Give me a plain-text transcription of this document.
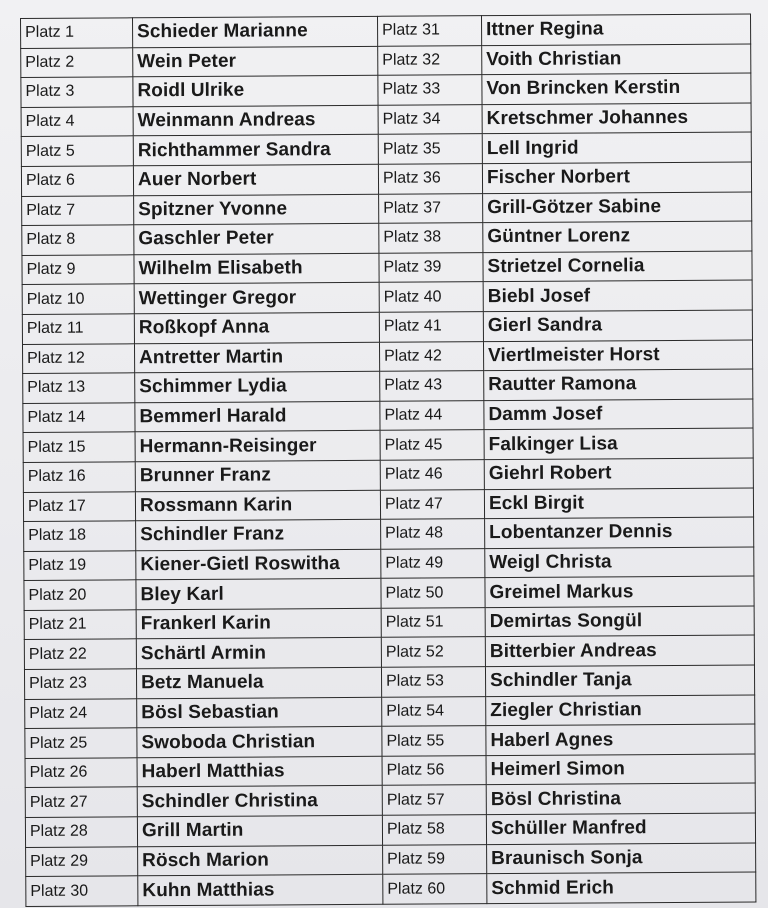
Platz 1	Schieder Marianne	Platz 31	Ittner Regina
Platz 2	Wein Peter	Platz 32	Voith Christian
Platz 3	Roidl Ulrike	Platz 33	Von Brincken Kerstin
Platz 4	Weinmann Andreas	Platz 34	Kretschmer Johannes
Platz 5	Richthammer Sandra	Platz 35	Lell Ingrid
Platz 6	Auer Norbert	Platz 36	Fischer Norbert
Platz 7	Spitzner Yvonne	Platz 37	Grill-Götzer Sabine
Platz 8	Gaschler Peter	Platz 38	Güntner Lorenz
Platz 9	Wilhelm Elisabeth	Platz 39	Strietzel Cornelia
Platz 10	Wettinger Gregor	Platz 40	Biebl Josef
Platz 11	Roßkopf Anna	Platz 41	Gierl Sandra
Platz 12	Antretter Martin	Platz 42	Viertlmeister Horst
Platz 13	Schimmer Lydia	Platz 43	Rautter Ramona
Platz 14	Bemmerl Harald	Platz 44	Damm Josef
Platz 15	Hermann-Reisinger	Platz 45	Falkinger Lisa
Platz 16	Brunner Franz	Platz 46	Giehrl Robert
Platz 17	Rossmann Karin	Platz 47	Eckl Birgit
Platz 18	Schindler Franz	Platz 48	Lobentanzer Dennis
Platz 19	Kiener-Gietl Roswitha	Platz 49	Weigl Christa
Platz 20	Bley Karl	Platz 50	Greimel Markus
Platz 21	Frankerl Karin	Platz 51	Demirtas Songül
Platz 22	Schärtl Armin	Platz 52	Bitterbier Andreas
Platz 23	Betz Manuela	Platz 53	Schindler Tanja
Platz 24	Bösl Sebastian	Platz 54	Ziegler Christian
Platz 25	Swoboda Christian	Platz 55	Haberl Agnes
Platz 26	Haberl Matthias	Platz 56	Heimerl Simon
Platz 27	Schindler Christina	Platz 57	Bösl Christina
Platz 28	Grill Martin	Platz 58	Schüller Manfred
Platz 29	Rösch Marion	Platz 59	Braunisch Sonja
Platz 30	Kuhn Matthias	Platz 60	Schmid Erich
